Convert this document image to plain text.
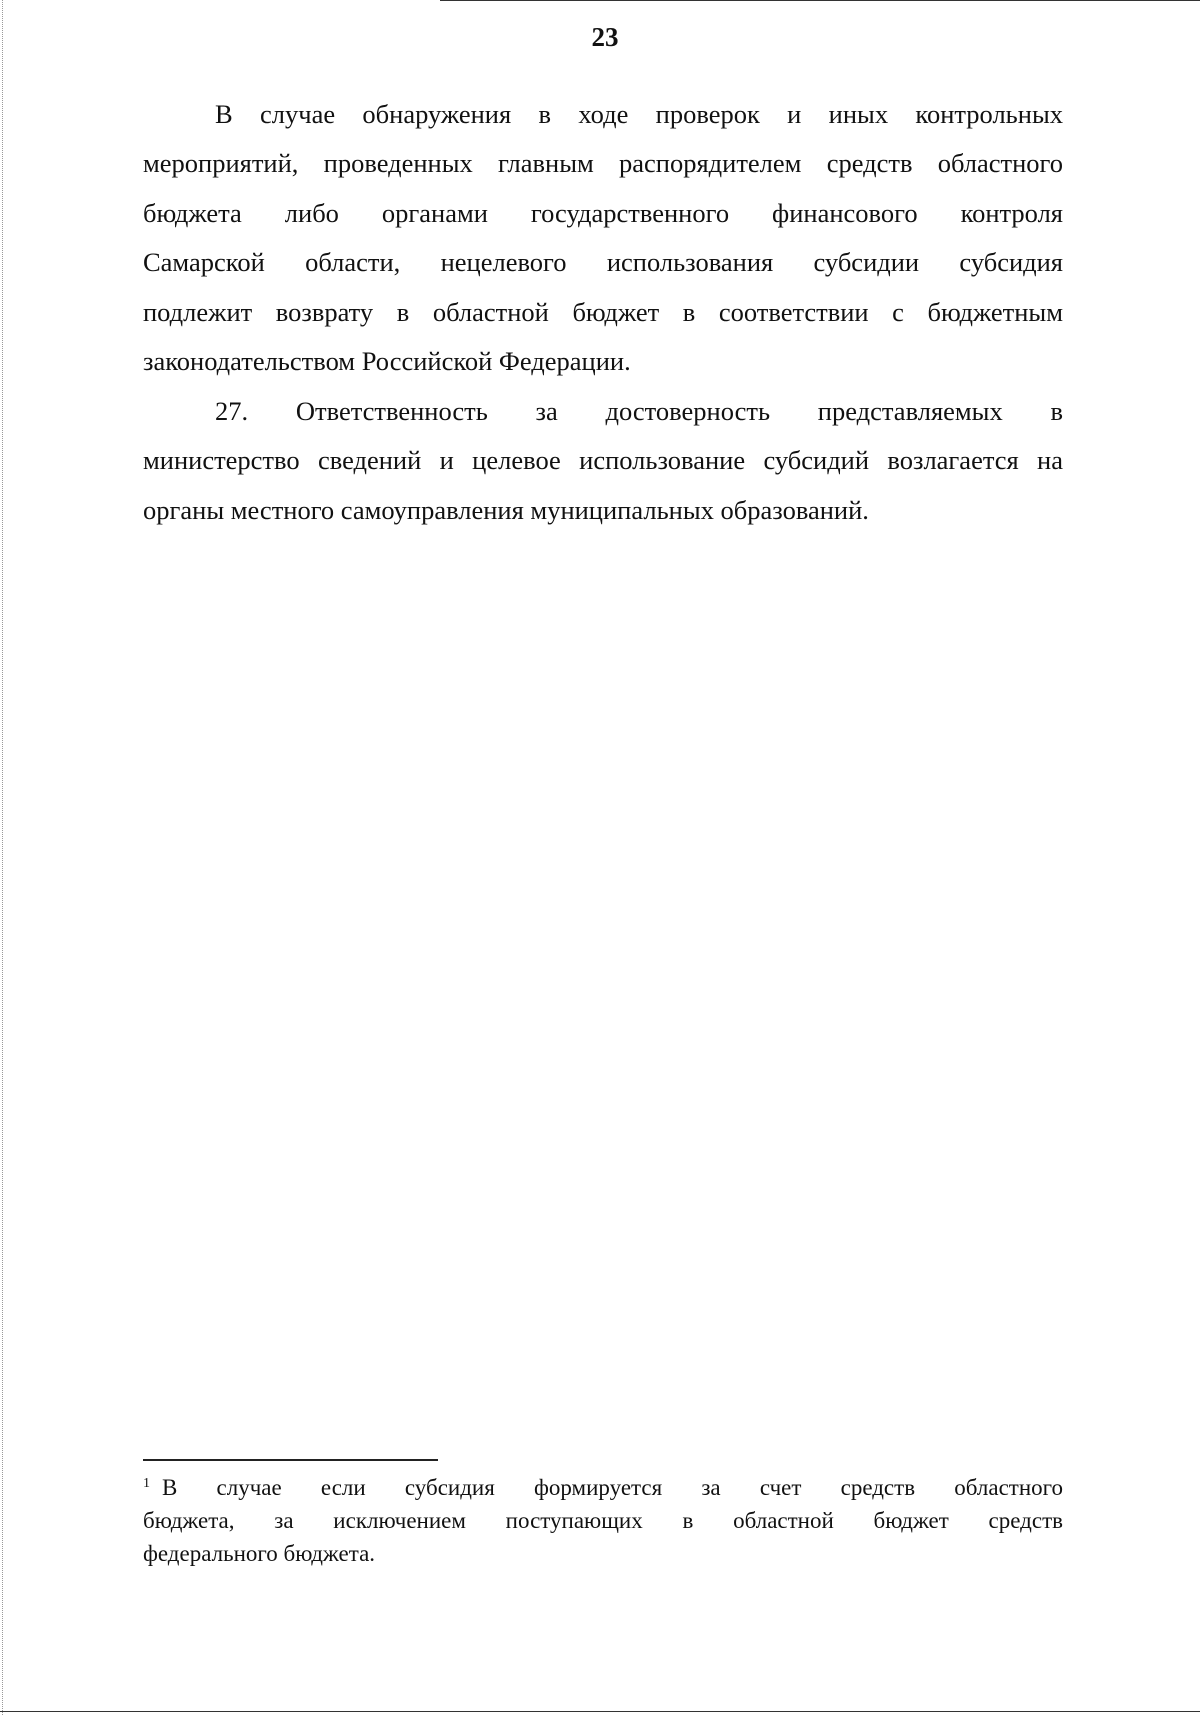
23
В случае обнаружения в ходе проверок и иных контрольных
мероприятий, проведенных главным распорядителем средств областного
бюджета либо органами государственного финансового контроля
Самарской области, нецелевого использования субсидии субсидия
подлежит возврату в областной бюджет в соответствии с бюджетным
законодательством Российской Федерации.
27. Ответственность за достоверность представляемых в
министерство сведений и целевое использование субсидий возлагается на
органы местного самоуправления муниципальных образований.
$^1$ В случае если субсидия формируется за счет средств областного
бюджета, за исключением поступающих в областной бюджет средств
федерального бюджета.
